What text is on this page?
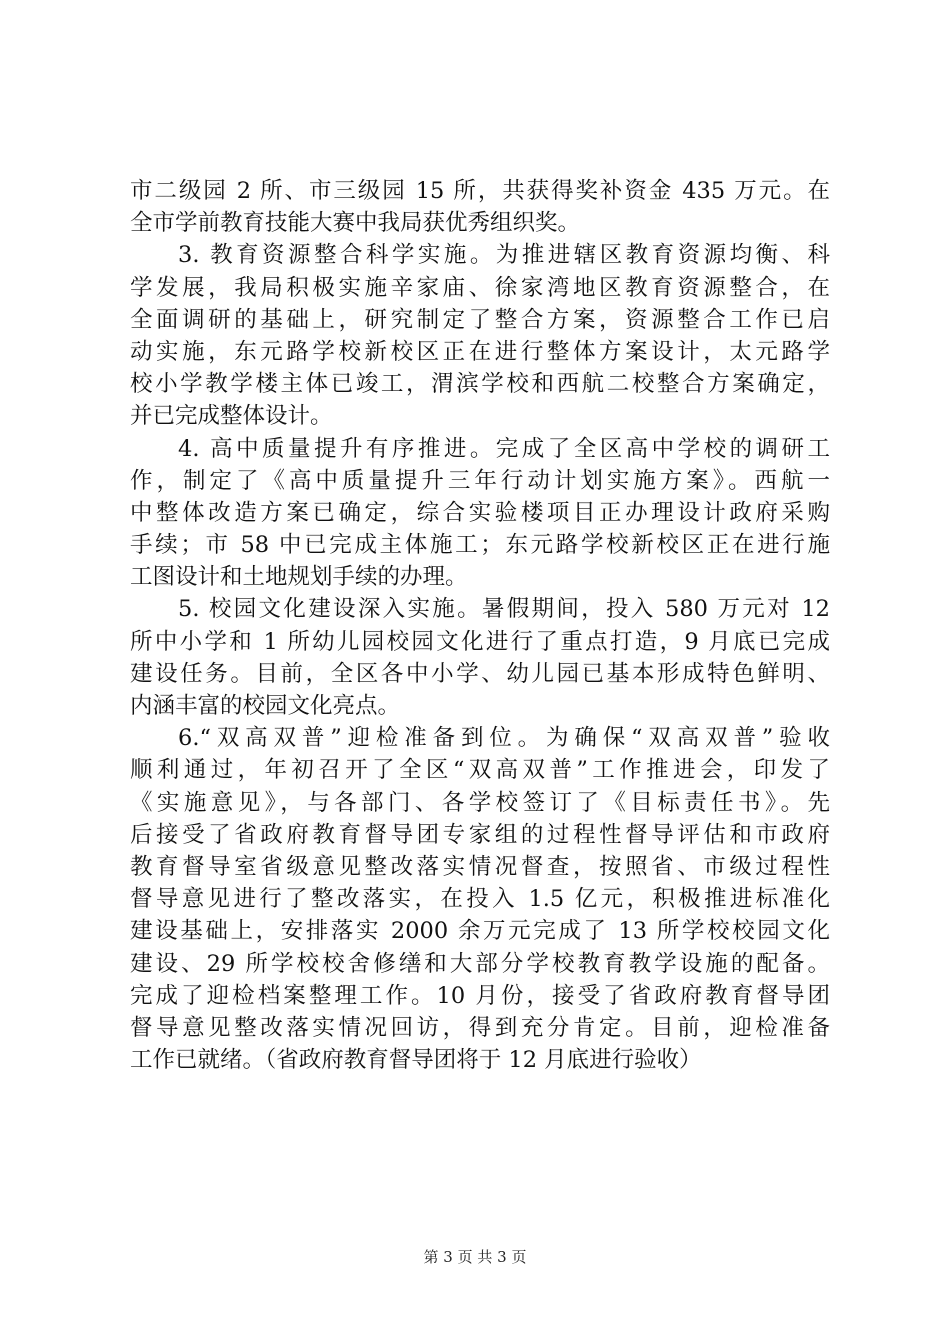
市二级园 2 所、市三级园 15 所，共获得奖补资金 435 万元。在
全市学前教育技能大赛中我局获优秀组织奖。
3. 教育资源整合科学实施。为推进辖区教育资源均衡、科
学发展，我局积极实施辛家庙、徐家湾地区教育资源整合，在
全面调研的基础上，研究制定了整合方案，资源整合工作已启
动实施，东元路学校新校区正在进行整体方案设计，太元路学
校小学教学楼主体已竣工，渭滨学校和西航二校整合方案确定，
并已完成整体设计。
4. 高中质量提升有序推进。完成了全区高中学校的调研工
作，制定了《高中质量提升三年行动计划实施方案》。西航一
中整体改造方案已确定，综合实验楼项目正办理设计政府采购
手续；市 58 中已完成主体施工；东元路学校新校区正在进行施
工图设计和土地规划手续的办理。
5. 校园文化建设深入实施。暑假期间，投入 580 万元对 12
所中小学和 1 所幼儿园校园文化进行了重点打造，9 月底已完成
建设任务。目前，全区各中小学、幼儿园已基本形成特色鲜明、
内涵丰富的校园文化亮点。
6.“双高双普”迎检准备到位。为确保“双高双普”验收
顺利通过，年初召开了全区“双高双普”工作推进会，印发了
《实施意见》，与各部门、各学校签订了《目标责任书》。先
后接受了省政府教育督导团专家组的过程性督导评估和市政府
教育督导室省级意见整改落实情况督查，按照省、市级过程性
督导意见进行了整改落实，在投入 1.5 亿元，积极推进标准化
建设基础上，安排落实 2000 余万元完成了 13 所学校校园文化
建设、29 所学校校舍修缮和大部分学校教育教学设施的配备。
完成了迎检档案整理工作。10 月份，接受了省政府教育督导团
督导意见整改落实情况回访，得到充分肯定。目前，迎检准备
工作已就绪。（省政府教育督导团将于 12 月底进行验收）
第 3 页 共 3 页
